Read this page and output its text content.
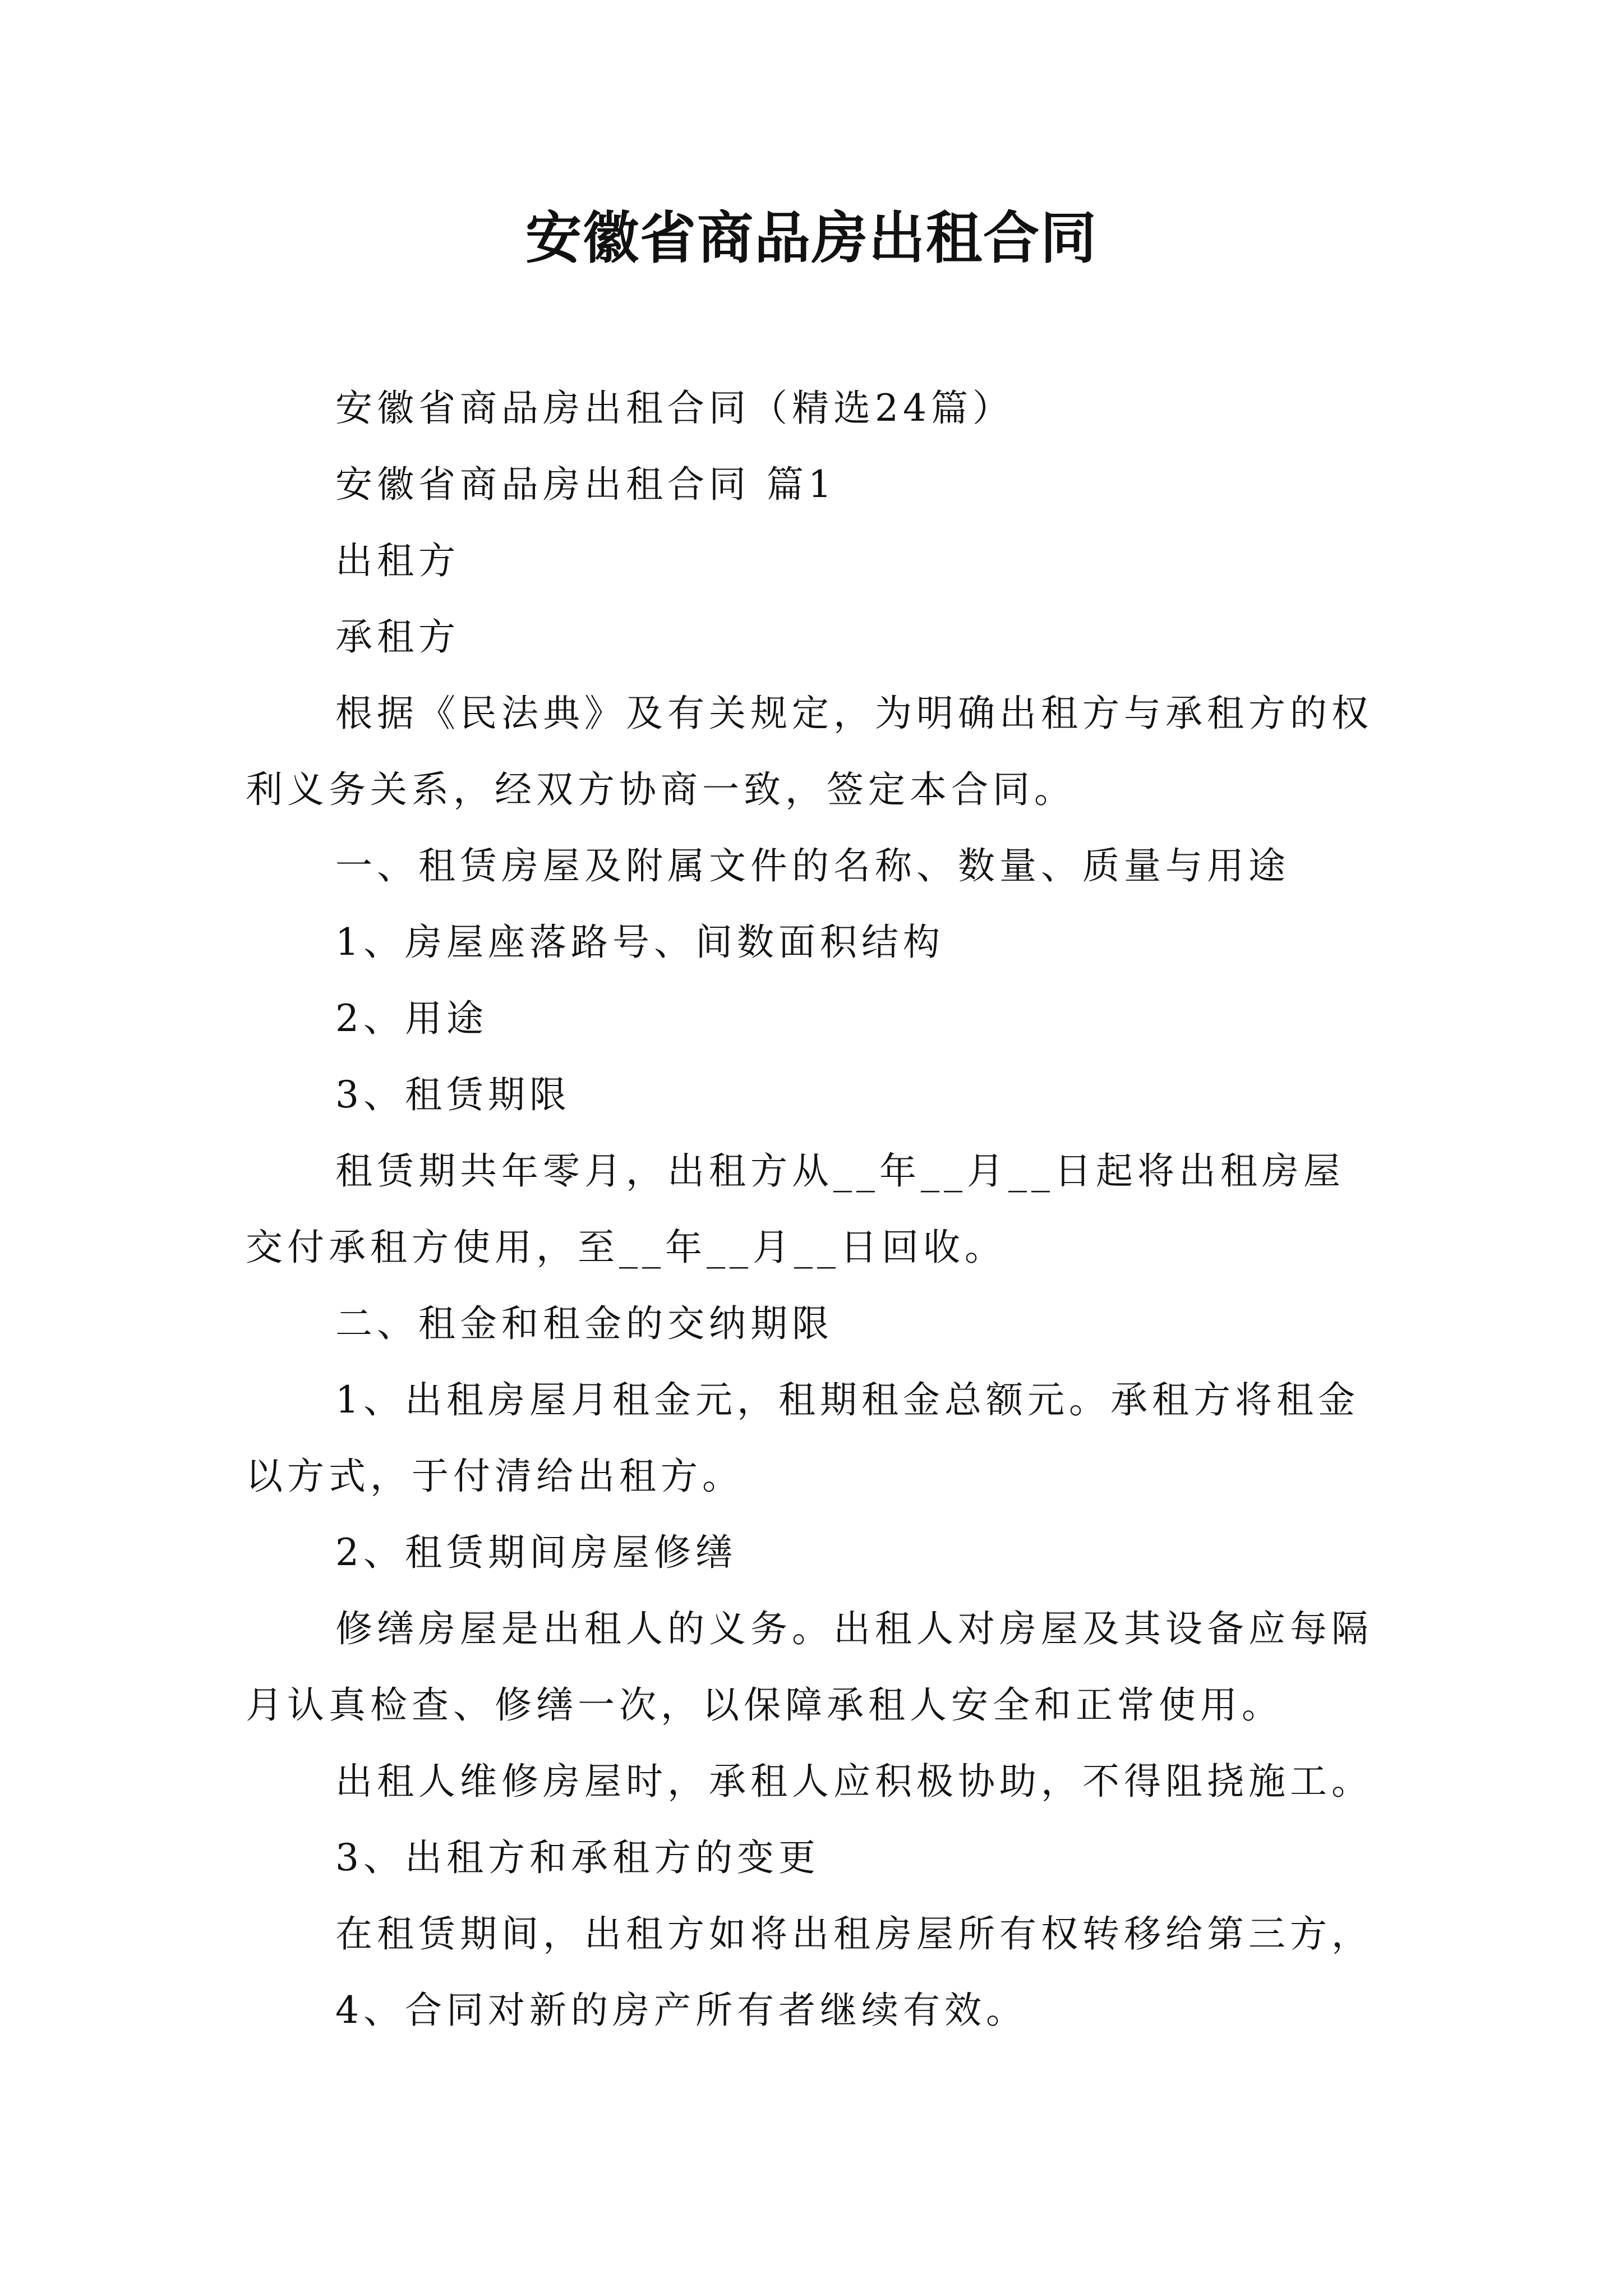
安徽省商品房出租合同

安徽省商品房出租合同（精选24篇）

安徽省商品房出租合同 篇1

出租方

承租方

根据《民法典》及有关规定，为明确出租方与承租方的权利义务关系，经双方协商一致，签定本合同。

一、租赁房屋及附属文件的名称、数量、质量与用途

1、房屋座落路号、间数面积结构

2、用途

3、租赁期限

租赁期共年零月，出租方从__年__月__日起将出租房屋交付承租方使用，至__年__月__日回收。

二、租金和租金的交纳期限

1、出租房屋月租金元，租期租金总额元。承租方将租金以方式，于付清给出租方。

2、租赁期间房屋修缮

修缮房屋是出租人的义务。出租人对房屋及其设备应每隔月认真检查、修缮一次，以保障承租人安全和正常使用。

出租人维修房屋时，承租人应积极协助，不得阻挠施工。

3、出租方和承租方的变更

在租赁期间，出租方如将出租房屋所有权转移给第三方，

4、合同对新的房产所有者继续有效。
